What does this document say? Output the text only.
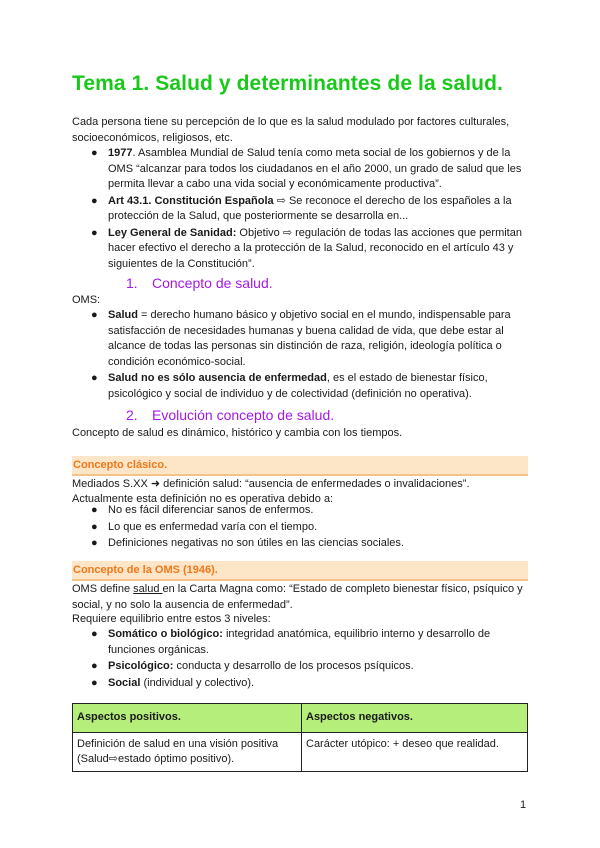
Tema 1. Salud y determinantes de la salud.

Cada persona tiene su percepción de lo que es la salud modulado por factores culturales, socioeconómicos, religiosos, etc.

● 1977. Asamblea Mundial de Salud tenía como meta social de los gobiernos y de la OMS “alcanzar para todos los ciudadanos en el año 2000, un grado de salud que les permita llevar a cabo una vida social y económicamente productiva”.
● Art 43.1. Constitución Española ⇨ Se reconoce el derecho de los españoles a la protección de la Salud, que posteriormente se desarrolla en...
● Ley General de Sanidad: Objetivo ⇨ regulación de todas las acciones que permitan hacer efectivo el derecho a la protección de la Salud, reconocido en el artículo 43 y siguientes de la Constitución”.
1. Concepto de salud.

OMS:

● Salud = derecho humano básico y objetivo social en el mundo, indispensable para satisfacción de necesidades humanas y buena calidad de vida, que debe estar al alcance de todas las personas sin distinción de raza, religión, ideología política o condición económico-social.
● Salud no es sólo ausencia de enfermedad, es el estado de bienestar físico, psicológico y social de individuo y de colectividad (definición no operativa).
2. Evolución concepto de salud.

Concepto de salud es dinámico, histórico y cambia con los tiempos.

Concepto clásico.

Mediados S.XX ➜ definición salud: “ausencia de enfermedades o invalidaciones”.

Actualmente esta definición no es operativa debido a:

● No es fácil diferenciar sanos de enfermos.
● Lo que es enfermedad varía con el tiempo.
● Definiciones negativas no son útiles en las ciencias sociales.
Concepto de la OMS (1946).

OMS define salud en la Carta Magna como: “Estado de completo bienestar físico, psíquico y social, y no solo la ausencia de enfermedad”.

Requiere equilibrio entre estos 3 niveles:

● Somático o biológico: integridad anatómica, equilibrio interno y desarrollo de funciones orgánicas.
● Psicológico: conducta y desarrollo de los procesos psíquicos.
● Social (individual y colectivo).
Aspectos positivos.	Aspectos negativos.
Definición de salud en una visión positiva (Salud⇨estado óptimo positivo).	Carácter utópico: + deseo que realidad.
1
